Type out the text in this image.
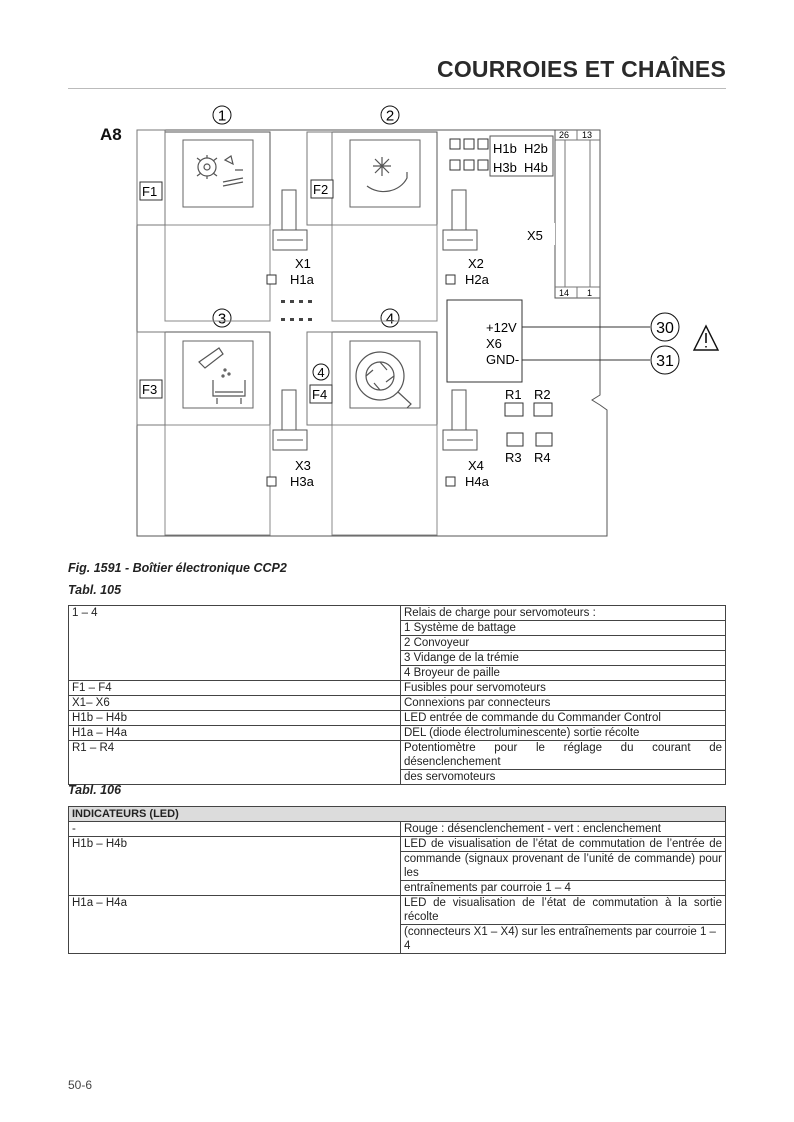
COURROIES ET CHAÎNES
A8
1	2
3	4
F1	F2
F3
4
F4
X1
H1a
X2
H2a
X3
H3a
X4
H4a
H1b H2b
H3b H4b
26 13
14 1
X5
+12V
X6
GND-
30
31
R1 R2
R3 R4
Fig. 1591 - Boîtier électronique CCP2
Tabl. 105
1 – 4	Relais de charge pour servomoteurs :
	1 Système de battage
	2 Convoyeur
	3 Vidange de la trémie
	4 Broyeur de paille
F1 – F4	Fusibles pour servomoteurs
X1– X6	Connexions par connecteurs
H1b – H4b	LED entrée de commande du Commander Control
H1a – H4a	DEL (diode électroluminescente) sortie récolte
R1 – R4	Potentiomètre pour le réglage du courant de désenclenchement
	des servomoteurs
Tabl. 106
INDICATEURS (LED)	
-	Rouge : désenclenchement - vert : enclenchement
H1b – H4b	LED de visualisation de l’état de commutation de l’entrée de
	commande (signaux provenant de l’unité de commande) pour les
	entraînements par courroie 1 – 4
H1a – H4a	LED de visualisation de l’état de commutation à la sortie récolte
	(connecteurs X1 – X4) sur les entraînements par courroie 1 – 4
50-6
